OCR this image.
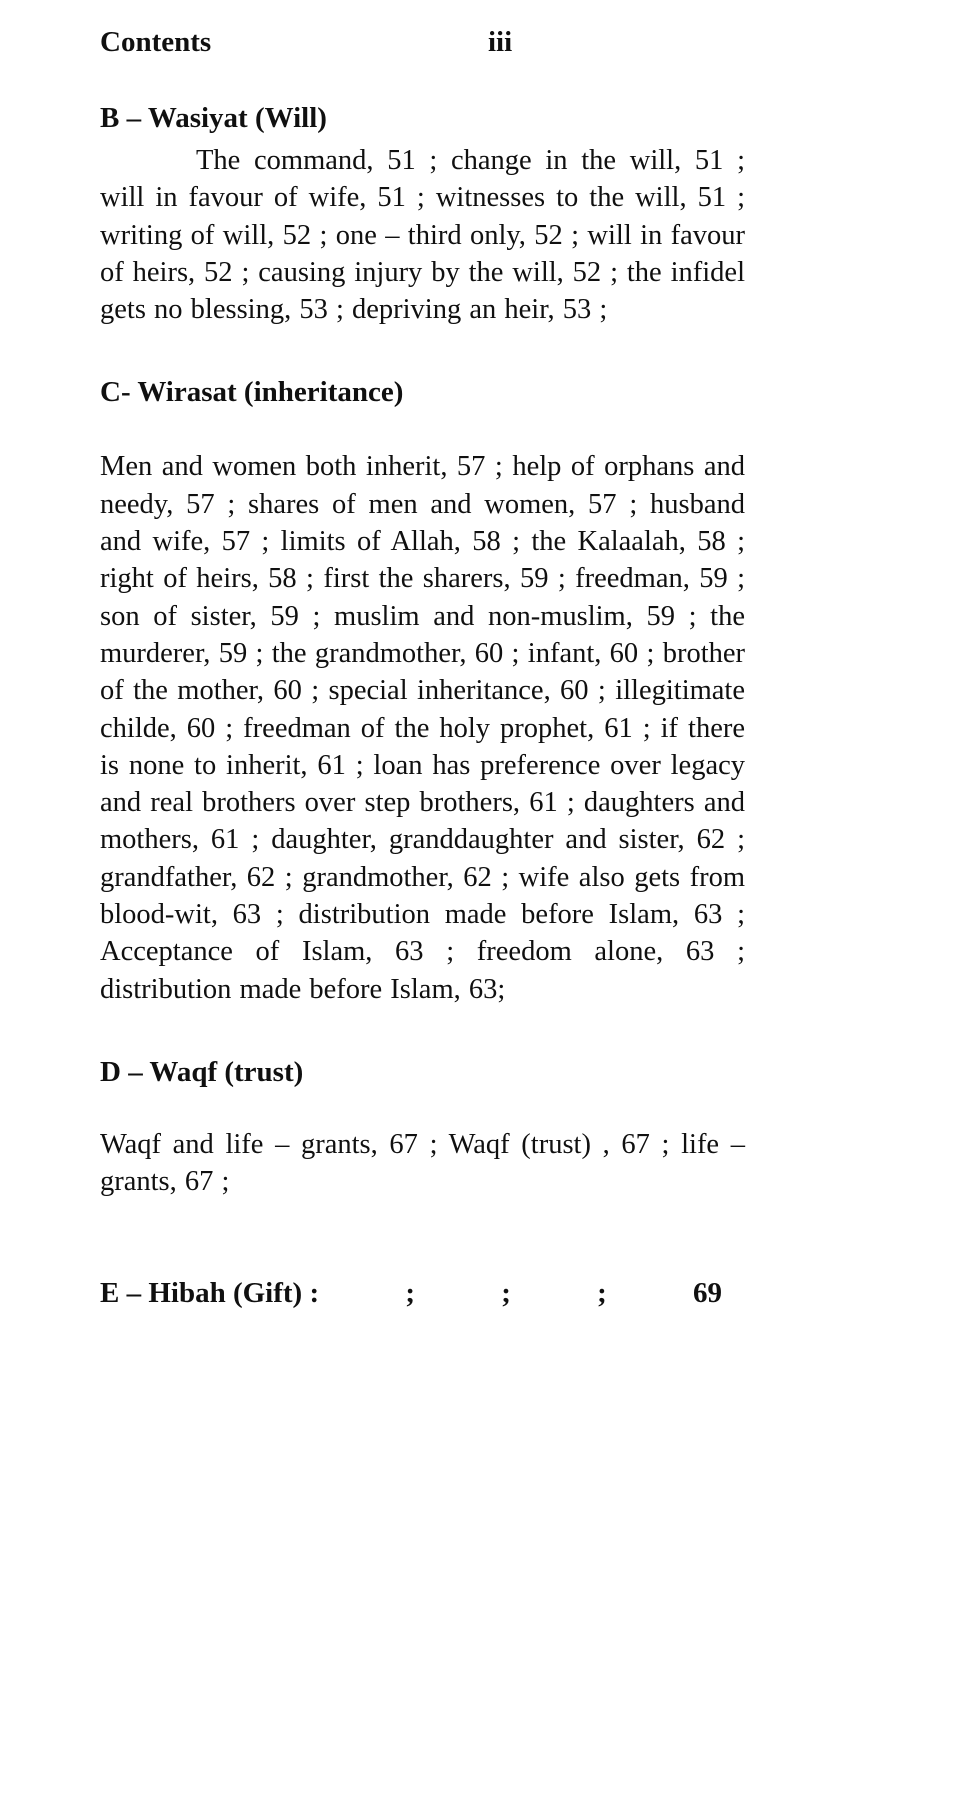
Contents	iii
B – Wasiyat (Will)

The command, 51 ; change in the will, 51 ; will in favour of wife, 51 ; witnesses to the will, 51 ; writing of will, 52 ; one – third only, 52 ; will in favour of heirs, 52 ; causing injury by the will, 52 ; the infidel gets no blessing, 53 ; depriving an heir, 53 ;

C- Wirasat (inheritance)

Men and women both inherit, 57 ; help of orphans and needy, 57 ; shares of men and women, 57 ; husband and wife, 57 ; limits of Allah, 58 ; the Kalaalah, 58 ; right of heirs, 58 ; first the sharers, 59 ; freedman, 59 ; son of sister, 59 ; muslim and non-muslim, 59 ; the murderer, 59 ; the grandmother, 60 ; infant, 60 ; brother of the mother, 60 ; special inheritance, 60 ; illegitimate childe, 60 ; freedman of the holy prophet, 61 ; if there is none to inherit, 61 ; loan has preference over legacy and real brothers over step brothers, 61 ; daughters and mothers, 61 ; daughter, granddaughter and sister, 62 ; grandfather, 62 ; grandmother, 62 ; wife also gets from blood-wit, 63 ; distribution made before Islam, 63 ; Acceptance of Islam, 63 ; freedom alone, 63 ; distribution made before Islam, 63;

D – Waqf (trust)

Waqf and life – grants, 67 ; Waqf (trust) , 67 ; life – grants, 67 ;

E – Hibah (Gift) :	;	;	;	69
